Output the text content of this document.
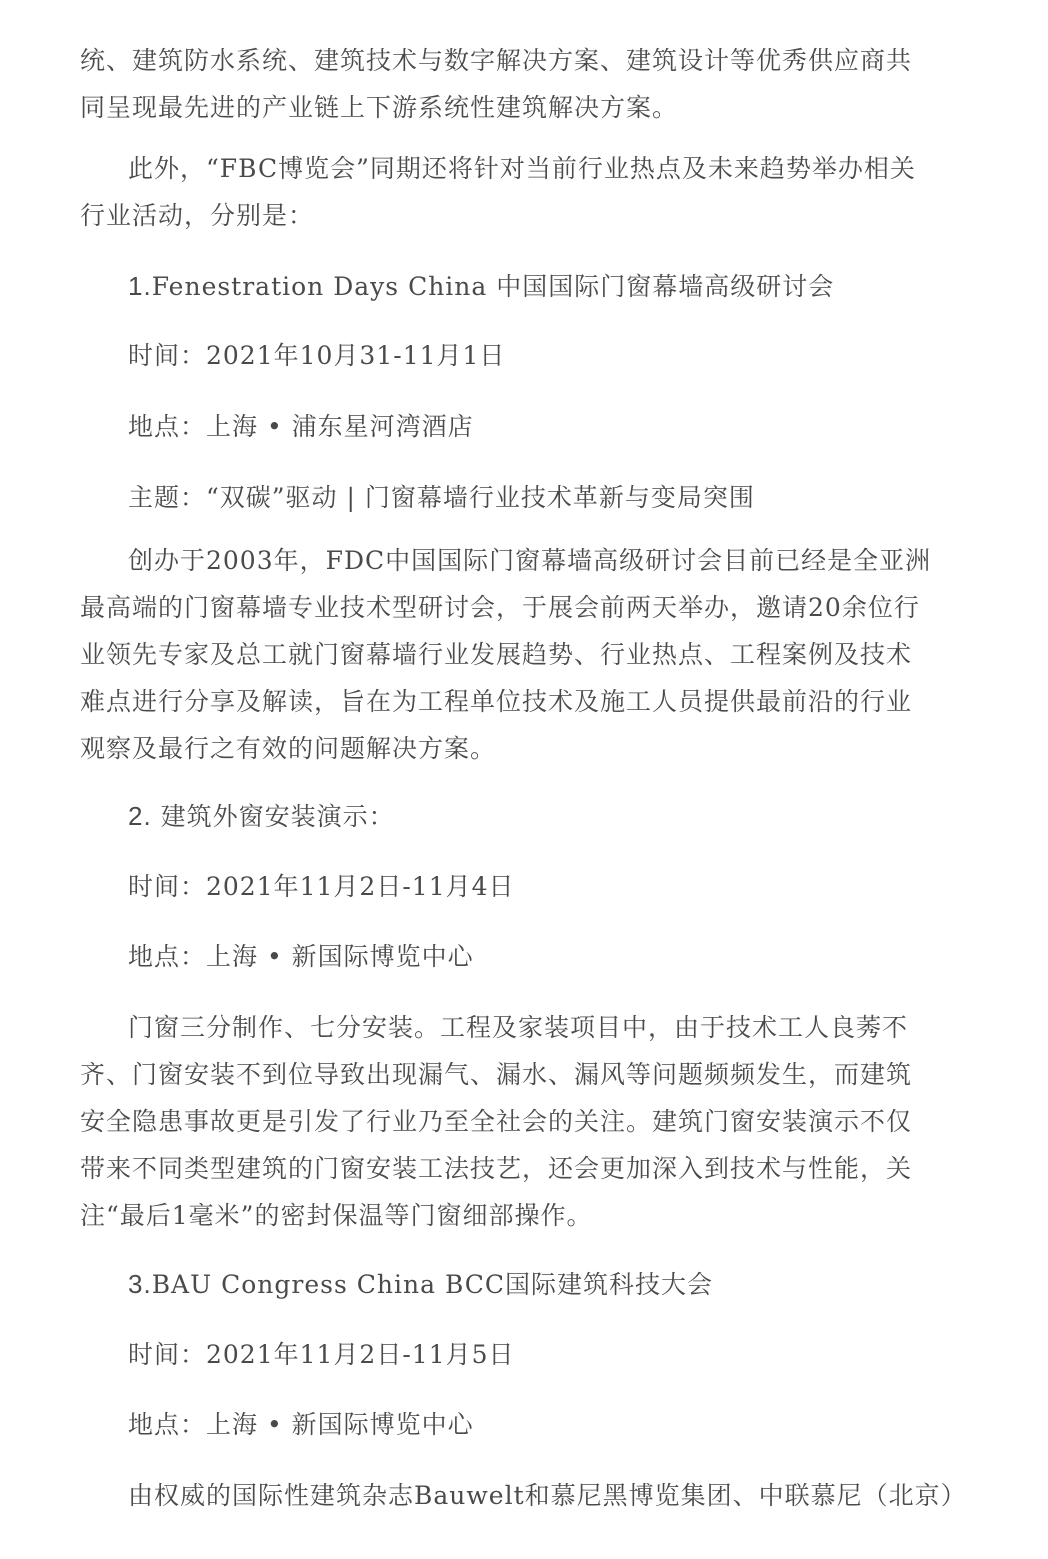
统、建筑防水系统、建筑技术与数字解决方案、建筑设计等优秀供应商共
同呈现最先进的产业链上下游系统性建筑解决方案。
此外，“FBC博览会”同期还将针对当前行业热点及未来趋势举办相关
行业活动，分别是：
1.Fenestration Days China 中国国际门窗幕墙高级研讨会
时间：2021年10月31-11月1日
地点：上海 • 浦东星河湾酒店
主题：“双碳”驱动 | 门窗幕墙行业技术革新与变局突围
创办于2003年，FDC中国国际门窗幕墙高级研讨会目前已经是全亚洲
最高端的门窗幕墙专业技术型研讨会，于展会前两天举办，邀请20余位行
业领先专家及总工就门窗幕墙行业发展趋势、行业热点、工程案例及技术
难点进行分享及解读，旨在为工程单位技术及施工人员提供最前沿的行业
观察及最行之有效的问题解决方案。
2. 建筑外窗安装演示：
时间：2021年11月2日-11月4日
地点：上海 • 新国际博览中心
门窗三分制作、七分安装。工程及家装项目中，由于技术工人良莠不
齐、门窗安装不到位导致出现漏气、漏水、漏风等问题频频发生，而建筑
安全隐患事故更是引发了行业乃至全社会的关注。建筑门窗安装演示不仅
带来不同类型建筑的门窗安装工法技艺，还会更加深入到技术与性能，关
注“最后1毫米”的密封保温等门窗细部操作。
3.BAU Congress China BCC国际建筑科技大会
时间：2021年11月2日-11月5日
地点：上海 • 新国际博览中心
由权威的国际性建筑杂志Bauwelt和慕尼黑博览集团、中联慕尼（北京）
